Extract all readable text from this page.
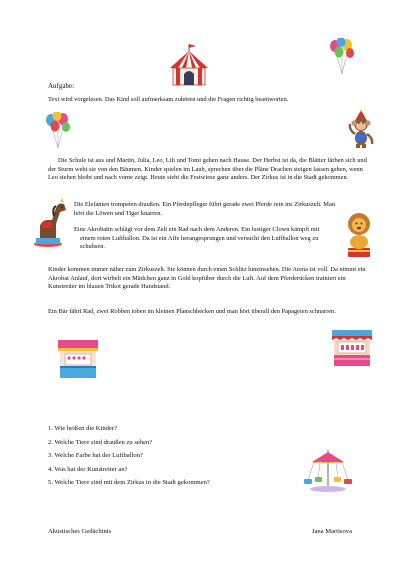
Aufgabe:
Text wird vorgelesen. Das Kind soll aufmerksam zuhören und die Fragen richtig beantworten.
Die Schule ist aus und Martin, Julia, Leo, Lili und Tomi gehen nach Hause. Der Herbst ist da, die Blätter färben sich und der Sturm weht sie von den Bäumen. Kinder spielen im Laub, sprechen über die Pläne Drachen steigen lassen gehen, wenn Leo stehen bleibt und nach vorne zeigt. Heute sieht die Festwiese ganz anders. Der Zirkus ist in die Stadt gekommen.
Die Elefanten trompeten draußen. Ein Pferdepfleger führt gerade zwei Pferde rein ins Zirkuszelt. Man hört die Löwen und Tiger knarren.
Eine Akrobatin schlägt vor dem Zelt ein Rad nach dem Anderen. Ein lustiger Clown kämpft mit einem roten Luftballon. Da ist ein Affe herangesprungen und versucht den Luftballon weg zu schubsen.
Kinder kommen immer näher zum Zirkuszelt. Sie können durch einen Schlitz hineinsehen. Die Arena ist voll. Da nimmt ein Akrobat Anlauf, dort wirbelt ein Mädchen ganz in Gold kopfüber durch die Luft. Auf dem Pferderücken trainiert ein Kunstreiter im blauen Trikot gerade Handstand.
Ein Bär fährt Rad, zwei Robben toben im kleinen Planschbecken und man hört überall den Papageien schnarren.
1. Wie heißen die Kinder?
2. Welche Tiere sind draußen zu sehen?
3. Welche Farbe hat der Luftballon?
4. Was hat der Kunstreiter an?
5. Welche Tiere sind mit dem Zirkus in die Stadt gekommen?
Akustisches Gedächtnis	Jana Martisova
